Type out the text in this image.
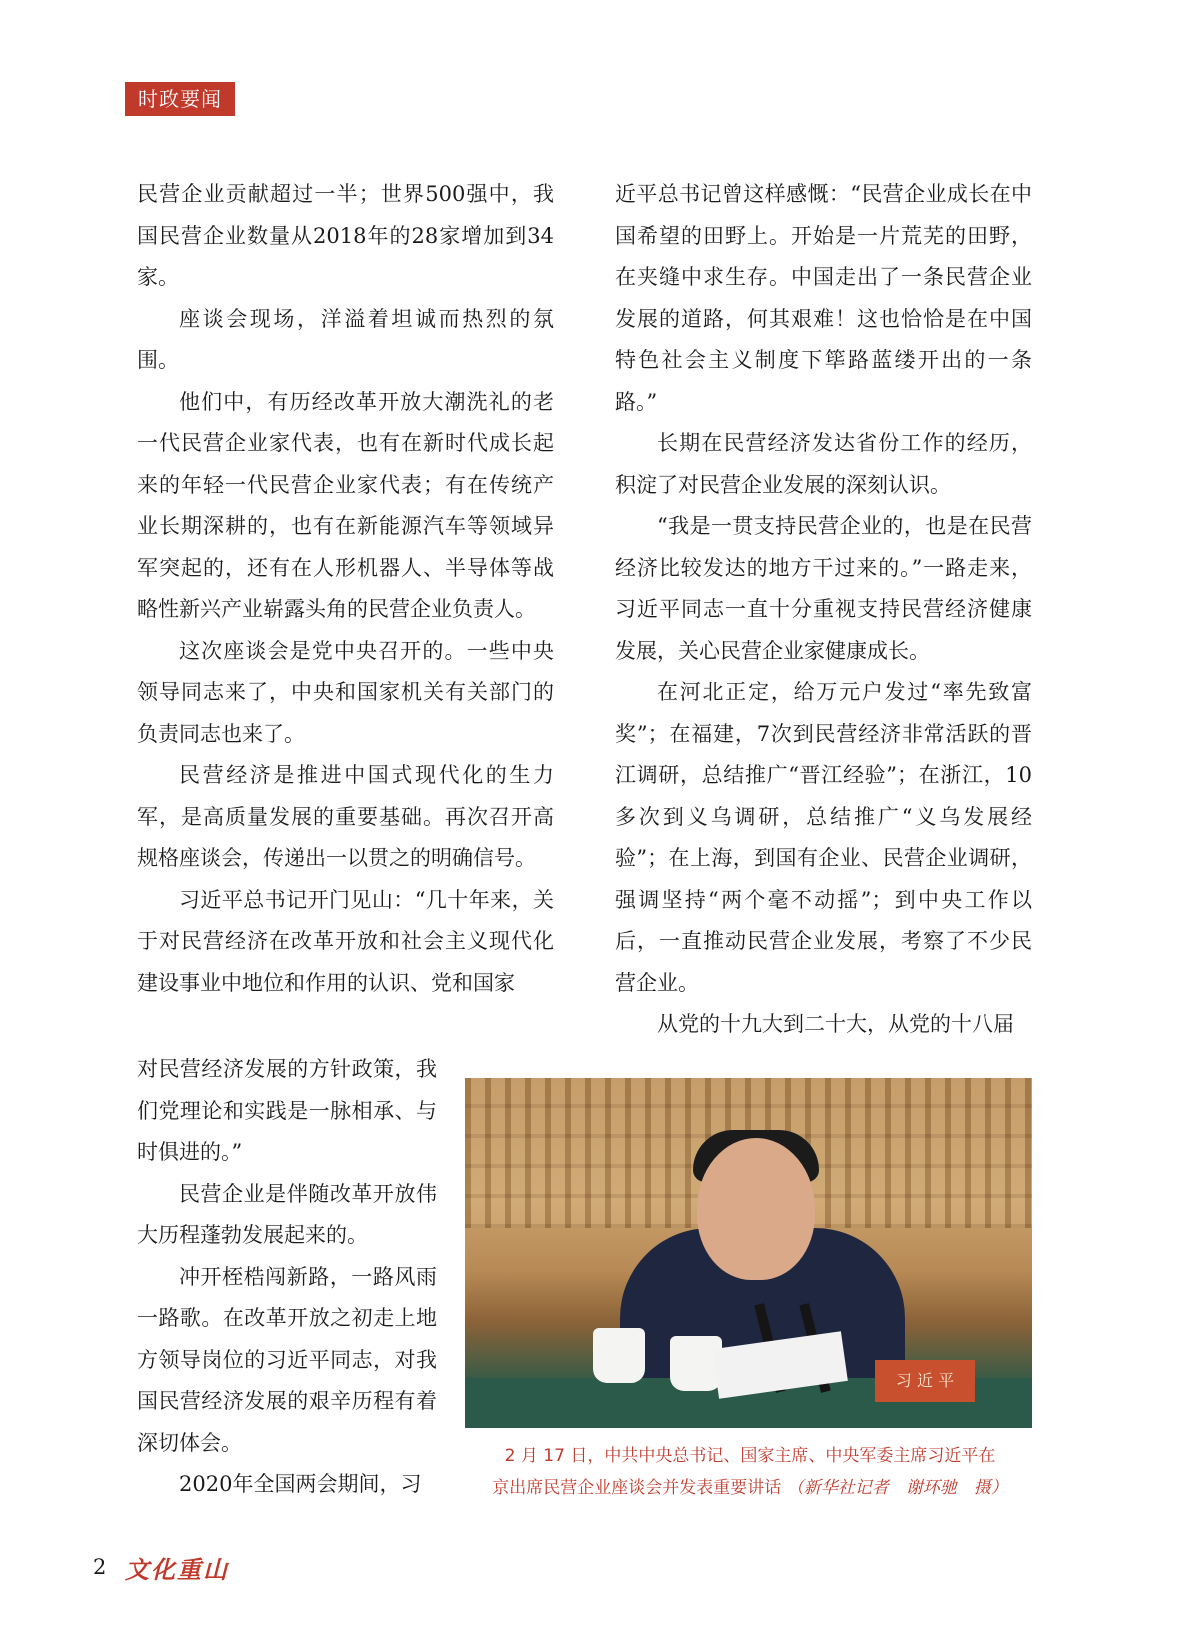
时政要闻

民营企业贡献超过一半；世界500强中，我国民营企业数量从2018年的28家增加到34家。

座谈会现场，洋溢着坦诚而热烈的氛围。

他们中，有历经改革开放大潮洗礼的老一代民营企业家代表，也有在新时代成长起来的年轻一代民营企业家代表；有在传统产业长期深耕的，也有在新能源汽车等领域异军突起的，还有在人形机器人、半导体等战略性新兴产业崭露头角的民营企业负责人。

这次座谈会是党中央召开的。一些中央领导同志来了，中央和国家机关有关部门的负责同志也来了。

民营经济是推进中国式现代化的生力军，是高质量发展的重要基础。再次召开高规格座谈会，传递出一以贯之的明确信号。

习近平总书记开门见山：“几十年来，关于对民营经济在改革开放和社会主义现代化建设事业中地位和作用的认识、党和国家

近平总书记曾这样感慨：“民营企业成长在中国希望的田野上。开始是一片荒芜的田野，在夹缝中求生存。中国走出了一条民营企业发展的道路，何其艰难！这也恰恰是在中国特色社会主义制度下筚路蓝缕开出的一条路。”

长期在民营经济发达省份工作的经历，积淀了对民营企业发展的深刻认识。

“我是一贯支持民营企业的，也是在民营经济比较发达的地方干过来的。”一路走来，习近平同志一直十分重视支持民营经济健康发展，关心民营企业家健康成长。

在河北正定，给万元户发过“率先致富奖”；在福建，7次到民营经济非常活跃的晋江调研，总结推广“晋江经验”；在浙江，10多次到义乌调研，总结推广“义乌发展经验”；在上海，到国有企业、民营企业调研，强调坚持“两个毫不动摇”；到中央工作以后，一直推动民营企业发展，考察了不少民营企业。

从党的十九大到二十大，从党的十八届

对民营经济发展的方针政策，我们党理论和实践是一脉相承、与时俱进的。”

民营企业是伴随改革开放伟大历程蓬勃发展起来的。

冲开桎梏闯新路，一路风雨一路歌。在改革开放之初走上地方领导岗位的习近平同志，对我国民营经济发展的艰辛历程有着深切体会。

2020年全国两会期间，习

习 近 平
2 月 17 日，中共中央总书记、国家主席、中央军委主席习近平在
京出席民营企业座谈会并发表重要讲话 （新华社记者　谢环驰　摄）
2 文化重山
